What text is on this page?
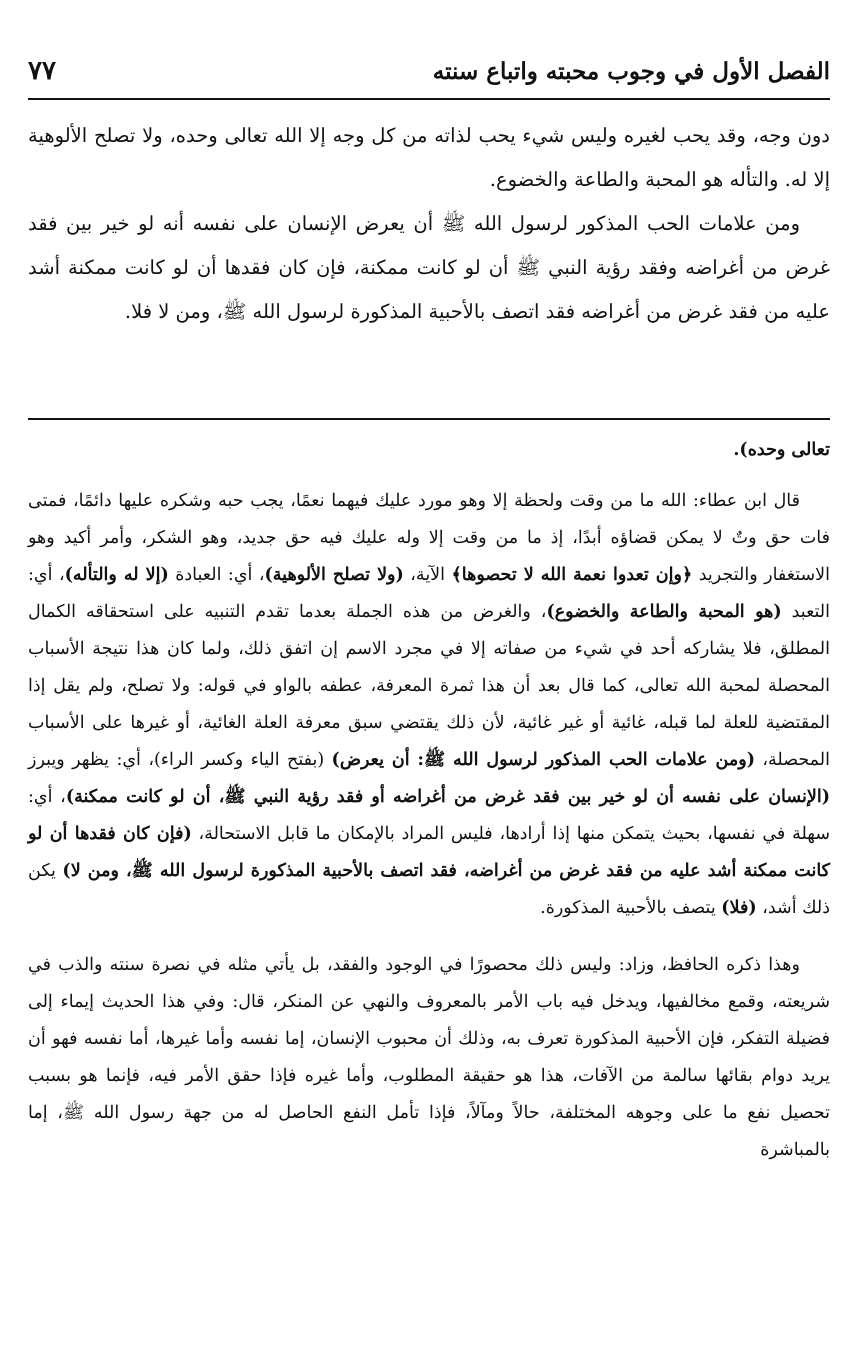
الفصل الأول في وجوب محبته واتباع سنته
٧٧

دون وجه، وقد يحب لغيره وليس شيء يحب لذاته من كل وجه إلا الله تعالى وحده، ولا تصلح الألوهية إلا له. والتأله هو المحبة والطاعة والخضوع.

ومن علامات الحب المذكور لرسول الله ﷺ أن يعرض الإنسان على نفسه أنه لو خير بين فقد غرض من أغراضه وفقد رؤية النبي ﷺ أن لو كانت ممكنة، فإن كان فقدها أن لو كانت ممكنة أشد عليه من فقد غرض من أغراضه فقد اتصف بالأحبية المذكورة لرسول الله ﷺ، ومن لا فلا.

تعالى وحده).

قال ابن عطاء: الله ما من وقت ولحظة إلا وهو مورد عليك فيهما نعمًا، يجب حبه وشكره عليها دائمًا، فمتى فات حق وتٌ لا يمكن قضاؤه أبدًا، إذ ما من وقت إلا وله عليك فيه حق جديد، وهو الشكر، وأمر أكيد وهو الاستغفار والتجريد ﴿وإن تعدوا نعمة الله لا تحصوها﴾ الآية، (ولا تصلح الألوهية)، أي: العبادة (إلا له والتأله)، أي: التعبد (هو المحبة والطاعة والخضوع)، والغرض من هذه الجملة بعدما تقدم التنبيه على استحقاقه الكمال المطلق، فلا يشاركه أحد في شيء من صفاته إلا في مجرد الاسم إن اتفق ذلك، ولما كان هذا نتيجة الأسباب المحصلة لمحبة الله تعالى، كما قال بعد أن هذا ثمرة المعرفة، عطفه بالواو في قوله: ولا تصلح، ولم يقل إذا المقتضية للعلة لما قبله، غائية أو غير غائية، لأن ذلك يقتضي سبق معرفة العلة الغائية، أو غيرها على الأسباب المحصلة، (ومن علامات الحب المذكور لرسول الله ﷺ: أن يعرض) (بفتح الياء وكسر الراء)، أي: يظهر ويبرز (الإنسان على نفسه أن لو خير بين فقد غرض من أغراضه أو فقد رؤية النبي ﷺ، أن لو كانت ممكنة)، أي: سهلة في نفسها، بحيث يتمكن منها إذا أرادها، فليس المراد بالإمكان ما قابل الاستحالة، (فإن كان فقدها أن لو كانت ممكنة أشد عليه من فقد غرض من أغراضه، فقد اتصف بالأحبية المذكورة لرسول الله ﷺ، ومن لا) يكن ذلك أشد، (فلا) يتصف بالأحبية المذكورة.

وهذا ذكره الحافظ، وزاد: وليس ذلك محصورًا في الوجود والفقد، بل يأتي مثله في نصرة سنته والذب في شريعته، وقمع مخالفيها، ويدخل فيه باب الأمر بالمعروف والنهي عن المنكر، قال: وفي هذا الحديث إيماء إلى فضيلة التفكر، فإن الأحبية المذكورة تعرف به، وذلك أن محبوب الإنسان، إما نفسه وأما غيرها، أما نفسه فهو أن يريد دوام بقائها سالمة من الآفات، هذا هو حقيقة المطلوب، وأما غيره فإذا حقق الأمر فيه، فإنما هو بسبب تحصيل نفع ما على وجوهه المختلفة، حالاً ومآلاً، فإذا تأمل النفع الحاصل له من جهة رسول الله ﷺ، إما بالمباشرة
